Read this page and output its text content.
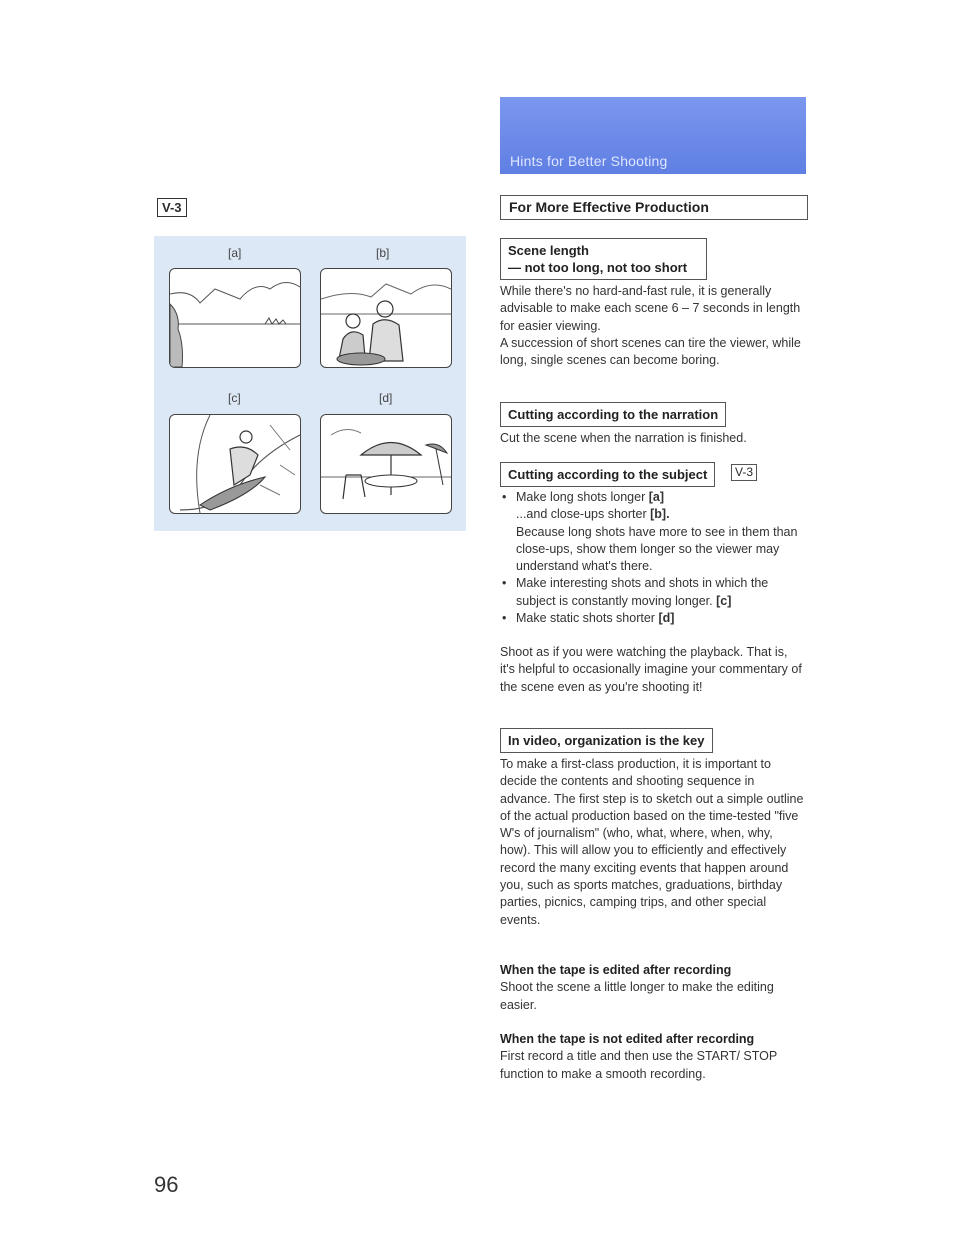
Hints for Better Shooting
V-3
[a]	[b]
[c]	[d]
For More Effective Production
Scene length
— not too long, not too short

While there's no hard-and-fast rule, it is generally advisable to make each scene 6 – 7 seconds in length for easier viewing.
A succession of short scenes can tire the viewer, while long, single scenes can become boring.

Cutting according to the narration

Cut the scene when the narration is finished.

Cutting according to the subject	V-3
• Make long shots longer [a]
...and close-ups shorter [b].
Because long shots have more to see in them than close-ups, show them longer so the viewer may understand what's there.
• Make interesting shots and shots in which the subject is constantly moving longer. [c]
• Make static shots shorter [d]

Shoot as if you were watching the playback. That is, it's helpful to occasionally imagine your commentary of the scene even as you're shooting it!

In video, organization is the key

To make a first-class production, it is important to decide the contents and shooting sequence in advance. The first step is to sketch out a simple outline of the actual production based on the time-tested "five W's of journalism" (who, what, where, when, why, how). This will allow you to efficiently and effectively record the many exciting events that happen around you, such as sports matches, graduations, birthday parties, picnics, camping trips, and other special events.

When the tape is edited after recording
Shoot the scene a little longer to make the editing easier.

When the tape is not edited after recording
First record a title and then use the START/ STOP function to make a smooth recording.

96
